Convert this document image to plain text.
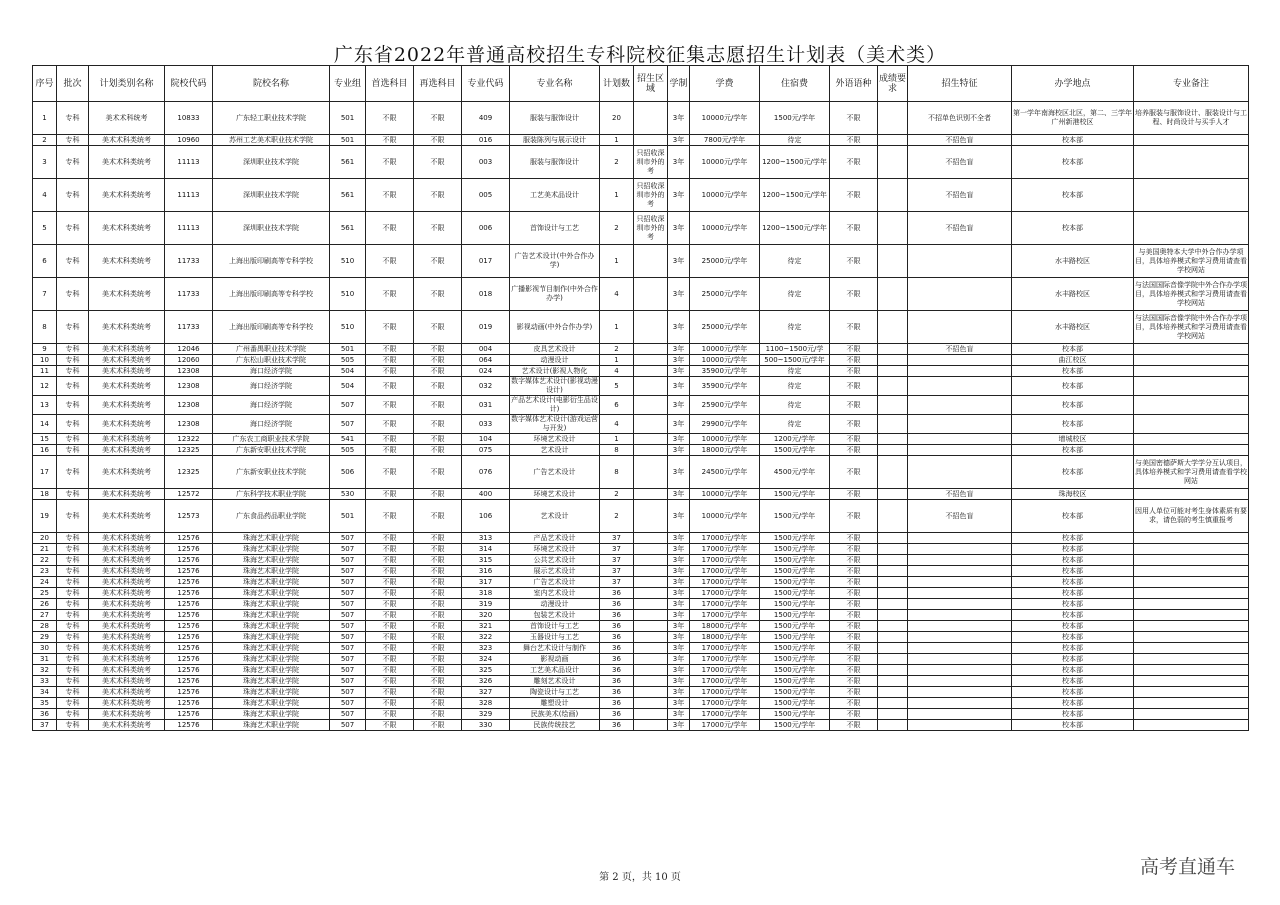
广东省2022年普通高校招生专科院校征集志愿招生计划表（美术类）
序号	批次	计划类别名称	院校代码	院校名称	专业组	首选科目	再选科目	专业代码	专业名称	计划数	招生区域	学制	学费	住宿费	外语语种	成绩要求	招生特征	办学地点	专业备注
1	专科	美术术科统考	10833	广东轻工职业技术学院	501	不限	不限	409	服装与服饰设计	20		3年	10000元/学年	1500元/学年	不限		不招单色识别不全者	第一学年南海校区北区，第二、三学年广州新港校区	培养服装与服饰设计、服装设计与工程、时尚设计与买手人才
2	专科	美术术科类统考	10960	苏州工艺美术职业技术学院	501	不限	不限	016	服装陈列与展示设计	1		3年	7800元/学年	待定	不限		不招色盲	校本部	
3	专科	美术术科类统考	11113	深圳职业技术学院	561	不限	不限	003	服装与服饰设计	2	只招收深圳市外的考	3年	10000元/学年	1200~1500元/学年	不限		不招色盲	校本部	
4	专科	美术术科类统考	11113	深圳职业技术学院	561	不限	不限	005	工艺美术品设计	1	只招收深圳市外的考	3年	10000元/学年	1200~1500元/学年	不限		不招色盲	校本部	
5	专科	美术术科类统考	11113	深圳职业技术学院	561	不限	不限	006	首饰设计与工艺	2	只招收深圳市外的考	3年	10000元/学年	1200~1500元/学年	不限		不招色盲	校本部	
6	专科	美术术科类统考	11733	上海出版印刷高等专科学校	510	不限	不限	017	广告艺术设计(中外合作办学)	1		3年	25000元/学年	待定	不限			水丰路校区	与美国奥特本大学中外合作办学项目，具体培养模式和学习费用请查看学校网站
7	专科	美术术科类统考	11733	上海出版印刷高等专科学校	510	不限	不限	018	广播影视节目制作(中外合作办学)	4		3年	25000元/学年	待定	不限			水丰路校区	与法国国际音像学院中外合作办学项目，具体培养模式和学习费用请查看学校网站
8	专科	美术术科类统考	11733	上海出版印刷高等专科学校	510	不限	不限	019	影视动画(中外合作办学)	1		3年	25000元/学年	待定	不限			水丰路校区	与法国国际音像学院中外合作办学项目，具体培养模式和学习费用请查看学校网站
9	专科	美术术科类统考	12046	广州番禺职业技术学院	501	不限	不限	004	皮具艺术设计	2		3年	10000元/学年	1100~1500元/学	不限		不招色盲	校本部	
10	专科	美术术科类统考	12060	广东松山职业技术学院	505	不限	不限	064	动漫设计	1		3年	10000元/学年	500~1500元/学年	不限			曲江校区	
11	专科	美术术科类统考	12308	海口经济学院	504	不限	不限	024	艺术设计(影视人物化	4		3年	35900元/学年	待定	不限			校本部	
12	专科	美术术科类统考	12308	海口经济学院	504	不限	不限	032	数字媒体艺术设计(影视动漫设计)	5		3年	35900元/学年	待定	不限			校本部	
13	专科	美术术科类统考	12308	海口经济学院	507	不限	不限	031	产品艺术设计(电影衍生品设计)	6		3年	25900元/学年	待定	不限			校本部	
14	专科	美术术科类统考	12308	海口经济学院	507	不限	不限	033	数字媒体艺术设计(游戏运营与开发)	4		3年	29900元/学年	待定	不限			校本部	
15	专科	美术术科类统考	12322	广东农工商职业技术学院	541	不限	不限	104	环境艺术设计	1		3年	10000元/学年	1200元/学年	不限			增城校区	
16	专科	美术术科类统考	12325	广东新安职业技术学院	505	不限	不限	075	艺术设计	8		3年	18000元/学年	1500元/学年	不限			校本部	
17	专科	美术术科类统考	12325	广东新安职业技术学院	506	不限	不限	076	广告艺术设计	8		3年	24500元/学年	4500元/学年	不限			校本部	与美国密德萨斯大学学分互认项目，具体培养模式和学习费用请查看学校网站
18	专科	美术术科类统考	12572	广东科学技术职业学院	530	不限	不限	400	环境艺术设计	2		3年	10000元/学年	1500元/学年	不限		不招色盲	珠海校区	
19	专科	美术术科类统考	12573	广东食品药品职业学院	501	不限	不限	106	艺术设计	2		3年	10000元/学年	1500元/学年	不限		不招色盲	校本部	因用人单位可能对考生身体素质有要求，请色弱的考生慎重报考
20	专科	美术术科类统考	12576	珠海艺术职业学院	507	不限	不限	313	产品艺术设计	37		3年	17000元/学年	1500元/学年	不限			校本部	
21	专科	美术术科类统考	12576	珠海艺术职业学院	507	不限	不限	314	环境艺术设计	37		3年	17000元/学年	1500元/学年	不限			校本部	
22	专科	美术术科类统考	12576	珠海艺术职业学院	507	不限	不限	315	公共艺术设计	37		3年	17000元/学年	1500元/学年	不限			校本部	
23	专科	美术术科类统考	12576	珠海艺术职业学院	507	不限	不限	316	展示艺术设计	37		3年	17000元/学年	1500元/学年	不限			校本部	
24	专科	美术术科类统考	12576	珠海艺术职业学院	507	不限	不限	317	广告艺术设计	37		3年	17000元/学年	1500元/学年	不限			校本部	
25	专科	美术术科类统考	12576	珠海艺术职业学院	507	不限	不限	318	室内艺术设计	36		3年	17000元/学年	1500元/学年	不限			校本部	
26	专科	美术术科类统考	12576	珠海艺术职业学院	507	不限	不限	319	动漫设计	36		3年	17000元/学年	1500元/学年	不限			校本部	
27	专科	美术术科类统考	12576	珠海艺术职业学院	507	不限	不限	320	包装艺术设计	36		3年	17000元/学年	1500元/学年	不限			校本部	
28	专科	美术术科类统考	12576	珠海艺术职业学院	507	不限	不限	321	首饰设计与工艺	36		3年	18000元/学年	1500元/学年	不限			校本部	
29	专科	美术术科类统考	12576	珠海艺术职业学院	507	不限	不限	322	玉器设计与工艺	36		3年	18000元/学年	1500元/学年	不限			校本部	
30	专科	美术术科类统考	12576	珠海艺术职业学院	507	不限	不限	323	舞台艺术设计与制作	36		3年	17000元/学年	1500元/学年	不限			校本部	
31	专科	美术术科类统考	12576	珠海艺术职业学院	507	不限	不限	324	影视动画	36		3年	17000元/学年	1500元/学年	不限			校本部	
32	专科	美术术科类统考	12576	珠海艺术职业学院	507	不限	不限	325	工艺美术品设计	36		3年	17000元/学年	1500元/学年	不限			校本部	
33	专科	美术术科类统考	12576	珠海艺术职业学院	507	不限	不限	326	雕刻艺术设计	36		3年	17000元/学年	1500元/学年	不限			校本部	
34	专科	美术术科类统考	12576	珠海艺术职业学院	507	不限	不限	327	陶瓷设计与工艺	36		3年	17000元/学年	1500元/学年	不限			校本部	
35	专科	美术术科类统考	12576	珠海艺术职业学院	507	不限	不限	328	雕塑设计	36		3年	17000元/学年	1500元/学年	不限			校本部	
36	专科	美术术科类统考	12576	珠海艺术职业学院	507	不限	不限	329	民族美术(绘画)	36		3年	17000元/学年	1500元/学年	不限			校本部	
37	专科	美术术科类统考	12576	珠海艺术职业学院	507	不限	不限	330	民族传统技艺	36		3年	17000元/学年	1500元/学年	不限			校本部	
第 2 页，共 10 页	高考直通车
